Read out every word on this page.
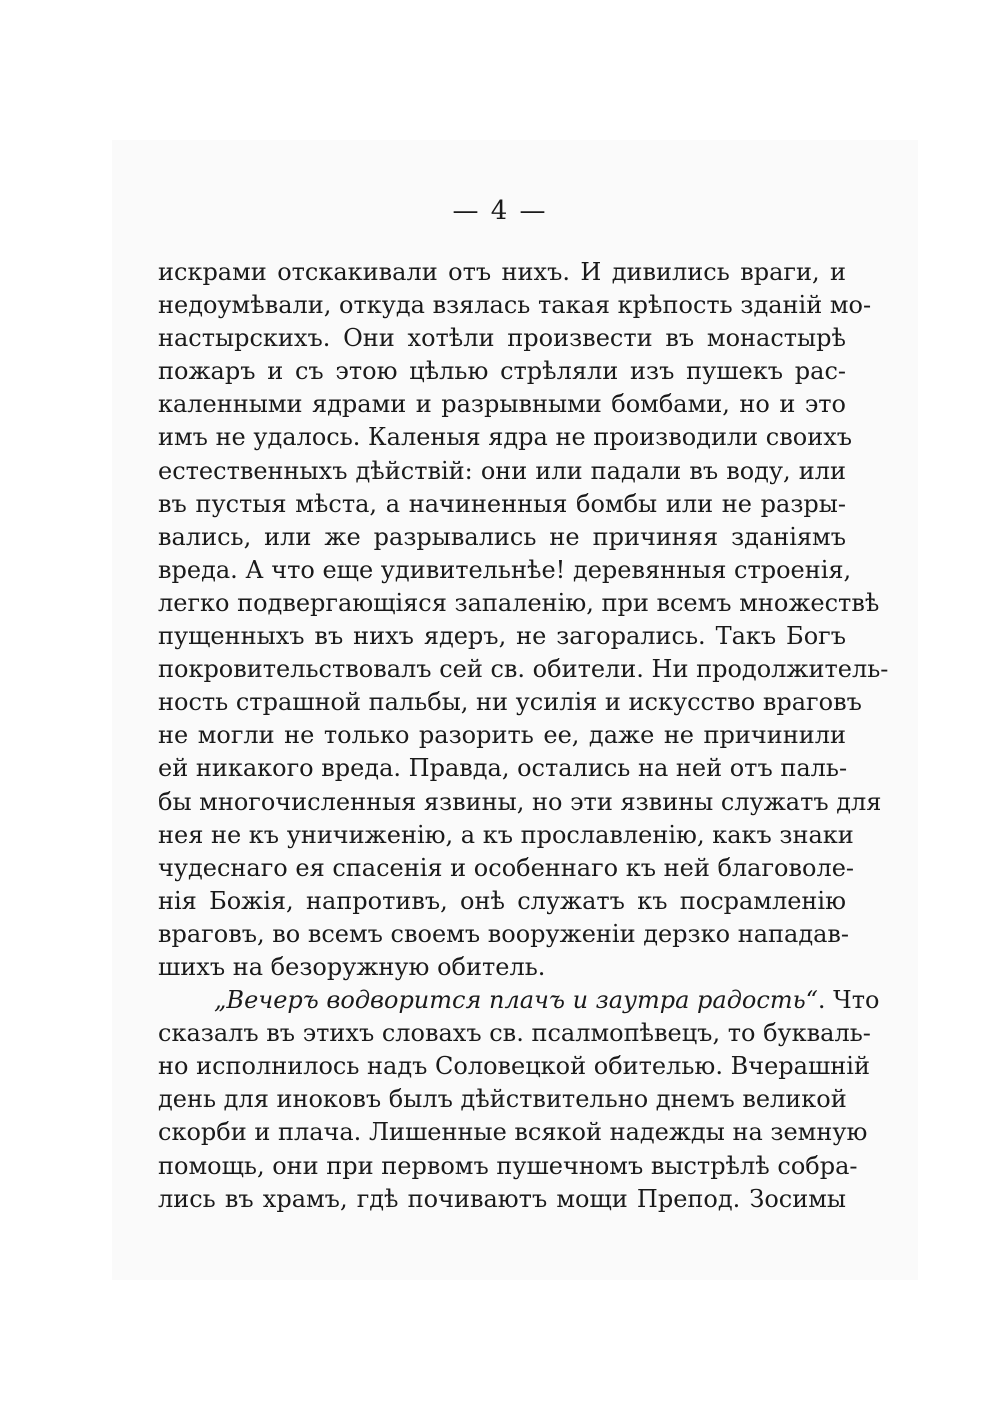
— 4 —
искрами отскакивали отъ нихъ. И дивились враги, и
недоумѣвали, откуда взялась такая крѣпость зданій мо-
настырскихъ. Они хотѣли произвести въ монастырѣ
пожаръ и съ этою цѣлью стрѣляли изъ пушекъ рас-
каленными ядрами и разрывными бомбами, но и это
имъ не удалось. Каленыя ядра не производили своихъ
естественныхъ дѣйствій: они или падали въ воду, или
въ пустыя мѣста, а начиненныя бомбы или не разры-
вались, или же разрывались не причиняя зданіямъ
вреда. А что еще удивительнѣе! деревянныя строенія,
легко подвергающіяся запаленію, при всемъ множествѣ
пущенныхъ въ нихъ ядеръ, не загорались. Такъ Богъ
покровительствовалъ сей св. обители. Ни продолжитель-
ность страшной пальбы, ни усилія и искусство враговъ
не могли не только разорить ее, даже не причинили
ей никакого вреда. Правда, остались на ней отъ паль-
бы многочисленныя язвины, но эти язвины служатъ для
нея не къ уничиженію, а къ прославленію, какъ знаки
чудеснаго ея спасенія и особеннаго къ ней благоволе-
нія Божія, напротивъ, онѣ служатъ къ посрамленію
враговъ, во всемъ своемъ вооруженіи дерзко нападав-
шихъ на безоружную обитель.
„Вечеръ водворится плачъ и заутра радость“. Что
сказалъ въ этихъ словахъ св. псалмопѣвецъ, то букваль-
но исполнилось надъ Соловецкой обителью. Вчерашній
день для иноковъ былъ дѣйствительно днемъ великой
скорби и плача. Лишенные всякой надежды на земную
помощь, они при первомъ пушечномъ выстрѣлѣ собра-
лись въ храмъ, гдѣ почиваютъ мощи Препод. Зосимы
